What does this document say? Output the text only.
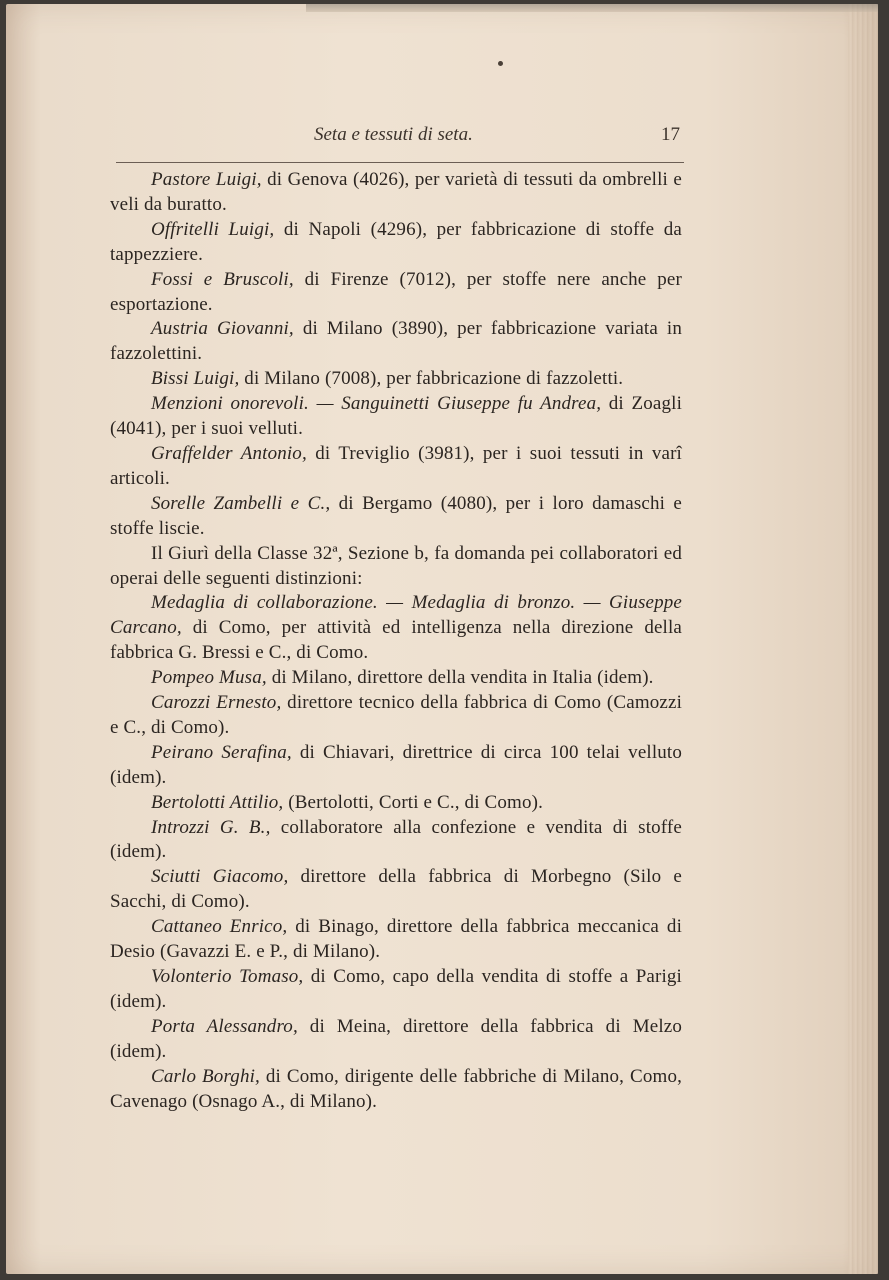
Seta e tessuti di seta.	17

Pastore Luigi, di Genova (4026), per varietà di tessuti da ombrelli e veli da buratto.

Offritelli Luigi, di Napoli (4296), per fabbricazione di stoffe da tappezziere.

Fossi e Bruscoli, di Firenze (7012), per stoffe nere anche per esportazione.

Austria Giovanni, di Milano (3890), per fabbricazione variata in fazzolettini.

Bissi Luigi, di Milano (7008), per fabbricazione di fazzoletti.

Menzioni onorevoli. — Sanguinetti Giuseppe fu Andrea, di Zoagli (4041), per i suoi velluti.

Graffelder Antonio, di Treviglio (3981), per i suoi tessuti in varî articoli.

Sorelle Zambelli e C., di Bergamo (4080), per i loro damaschi e stoffe liscie.

Il Giurì della Classe 32ª, Sezione b, fa domanda pei collaboratori ed operai delle seguenti distinzioni:

Medaglia di collaborazione. — Medaglia di bronzo. — Giuseppe Carcano, di Como, per attività ed intelligenza nella direzione della fabbrica G. Bressi e C., di Como.

Pompeo Musa, di Milano, direttore della vendita in Italia (idem).

Carozzi Ernesto, direttore tecnico della fabbrica di Como (Camozzi e C., di Como).

Peirano Serafina, di Chiavari, direttrice di circa 100 telai velluto (idem).

Bertolotti Attilio, (Bertolotti, Corti e C., di Como).

Introzzi G. B., collaboratore alla confezione e vendita di stoffe (idem).

Sciutti Giacomo, direttore della fabbrica di Morbegno (Silo e Sacchi, di Como).

Cattaneo Enrico, di Binago, direttore della fabbrica meccanica di Desio (Gavazzi E. e P., di Milano).

Volonterio Tomaso, di Como, capo della vendita di stoffe a Parigi (idem).

Porta Alessandro, di Meina, direttore della fabbrica di Melzo (idem).

Carlo Borghi, di Como, dirigente delle fabbriche di Milano, Como, Cavenago (Osnago A., di Milano).
